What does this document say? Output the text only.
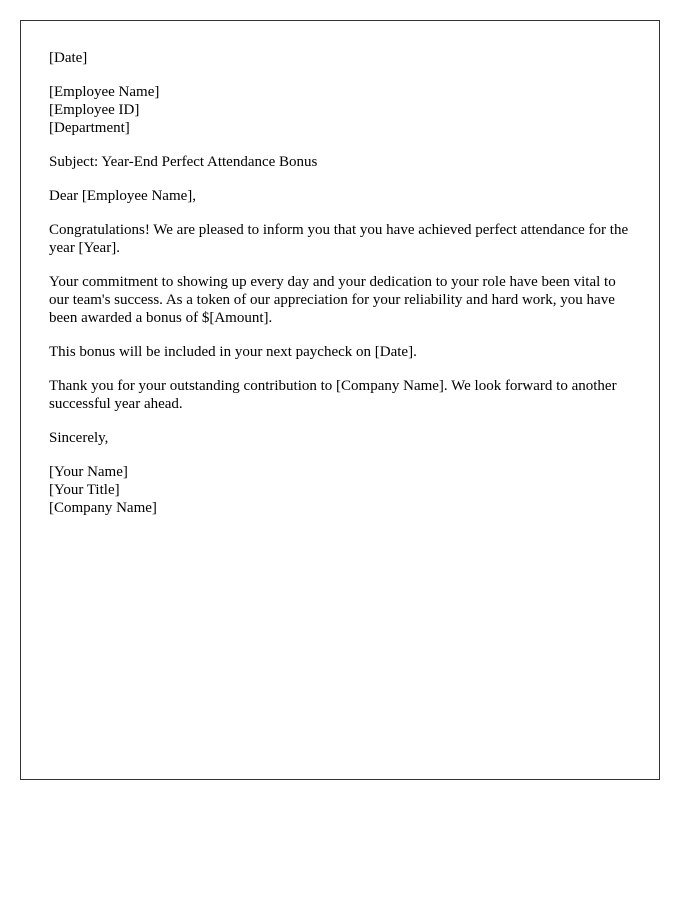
[Date]
[Employee Name]
[Employee ID]
[Department]
Subject: Year-End Perfect Attendance Bonus
Dear [Employee Name],

Congratulations! We are pleased to inform you that you have achieved perfect attendance for the year [Year].

Your commitment to showing up every day and your dedication to your role have been vital to our team's success. As a token of our appreciation for your reliability and hard work, you have been awarded a bonus of $[Amount].

This bonus will be included in your next paycheck on [Date].

Thank you for your outstanding contribution to [Company Name]. We look forward to another successful year ahead.

Sincerely,
[Your Name]
[Your Title]
[Company Name]
